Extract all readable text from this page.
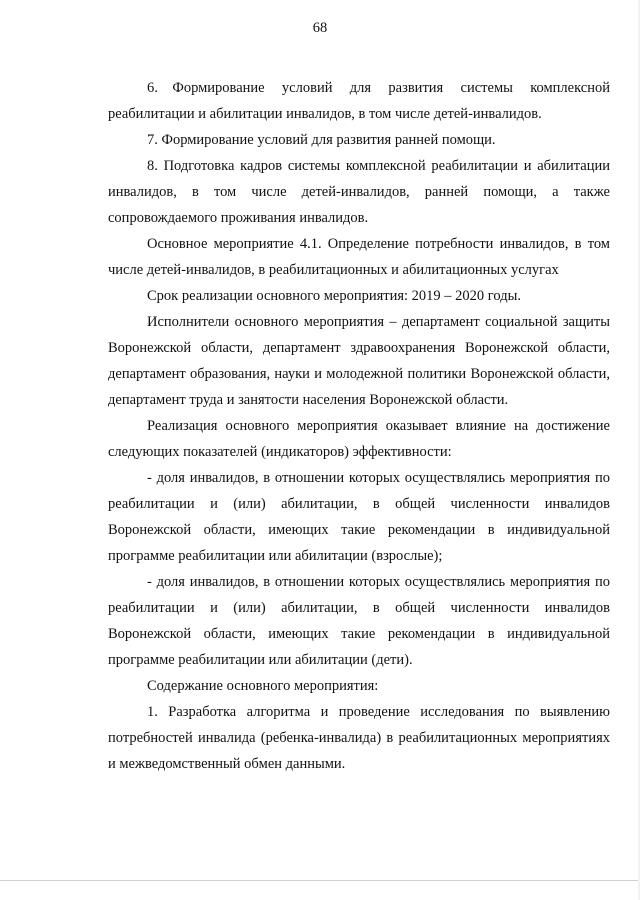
68

6. Формирование условий для развития системы комплексной реабилитации и абилитации инвалидов, в том числе детей-инвалидов.

7. Формирование условий для развития ранней помощи.

8. Подготовка кадров системы комплексной реабилитации и абилитации инвалидов, в том числе детей-инвалидов, ранней помощи, а также сопровождаемого проживания инвалидов.

Основное мероприятие 4.1. Определение потребности инвалидов, в том числе детей-инвалидов, в реабилитационных и абилитационных услугах

Срок реализации основного мероприятия: 2019 – 2020 годы.

Исполнители основного мероприятия – департамент социальной защиты Воронежской области, департамент здравоохранения Воронежской области, департамент образования, науки и молодежной политики Воронежской области, департамент труда и занятости населения Воронежской области.

Реализация основного мероприятия оказывает влияние на достижение следующих показателей (индикаторов) эффективности:

- доля инвалидов, в отношении которых осуществлялись мероприятия по реабилитации и (или) абилитации, в общей численности инвалидов Воронежской области, имеющих такие рекомендации в индивидуальной программе реабилитации или абилитации (взрослые);

- доля инвалидов, в отношении которых осуществлялись мероприятия по реабилитации и (или) абилитации, в общей численности инвалидов Воронежской области, имеющих такие рекомендации в индивидуальной программе реабилитации или абилитации (дети).

Содержание основного мероприятия:

1. Разработка алгоритма и проведение исследования по выявлению потребностей инвалида (ребенка-инвалида) в реабилитационных мероприятиях и межведомственный обмен данными.
